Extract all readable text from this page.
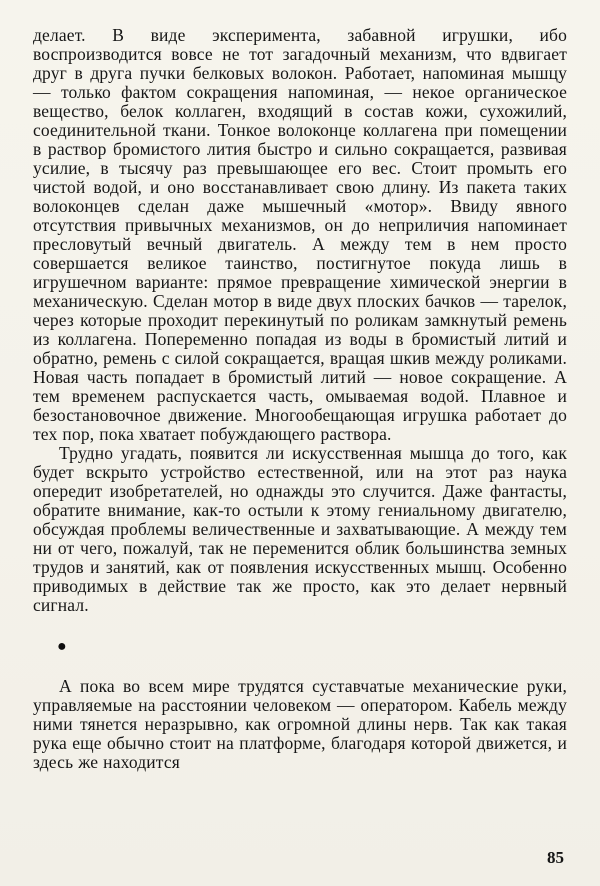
делает. В виде эксперимента, забавной игрушки, ибо воспроизводится вовсе не тот загадочный механизм, что вдвигает друг в друга пучки белковых волокон. Работает, напоминая мышцу — только фактом сокращения напоминая, — некое органическое вещество, белок коллаген, входящий в состав кожи, сухожилий, соединительной ткани. Тонкое волоконце коллагена при помещении в раствор бромистого лития быстро и сильно сокращается, развивая усилие, в тысячу раз превышающее его вес. Стоит промыть его чистой водой, и оно восстанавливает свою длину. Из пакета таких волоконцев сделан даже мышечный «мотор». Ввиду явного отсутствия привычных механизмов, он до неприличия напоминает пресловутый вечный двигатель. А между тем в нем просто совершается великое таинство, постигнутое покуда лишь в игрушечном варианте: прямое превращение химической энергии в механическую. Сделан мотор в виде двух плоских бачков — тарелок, через которые проходит перекинутый по роликам замкнутый ремень из коллагена. Попеременно попадая из воды в бромистый литий и обратно, ремень с силой сокращается, вращая шкив между роликами. Новая часть попадает в бромистый литий — новое сокращение. А тем временем распускается часть, омываемая водой. Плавное и безостановочное движение. Многообещающая игрушка работает до тех пор, пока хватает побуждающего раствора.

Трудно угадать, появится ли искусственная мышца до того, как будет вскрыто устройство естественной, или на этот раз наука опередит изобретателей, но однажды это случится. Даже фантасты, обратите внимание, как-то остыли к этому гениальному двигателю, обсуждая проблемы величественные и захватывающие. А между тем ни от чего, пожалуй, так не переменится облик большинства земных трудов и занятий, как от появления искусственных мышц. Особенно приводимых в действие так же просто, как это делает нервный сигнал.

●

А пока во всем мире трудятся суставчатые механические руки, управляемые на расстоянии человеком — оператором. Кабель между ними тянется неразрывно, как огромной длины нерв. Так как такая рука еще обычно стоит на платформе, благодаря которой движется, и здесь же находится

85
